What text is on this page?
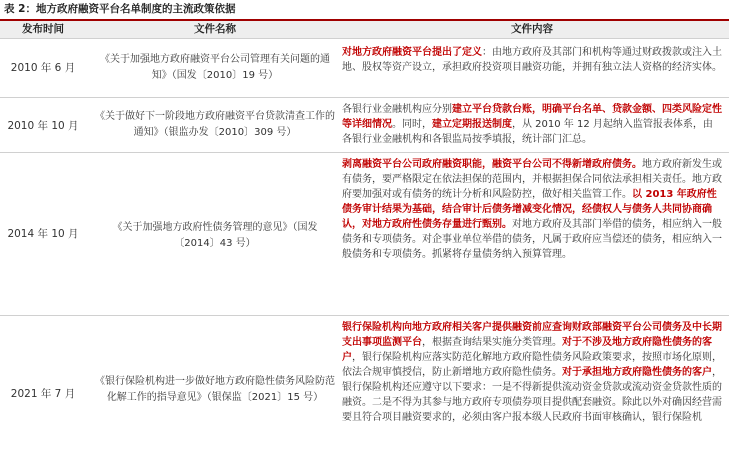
表 2：地方政府融资平台名单制度的主流政策依据
发布时间	文件名称	文件内容
2010 年 6 月
《关于加强地方政府融资平台公司管理有关问题的通知》（国发〔2010〕19 号）
对地方政府融资平台提出了定义：由地方政府及其部门和机构等通过财政拨款或注入土地、股权等资产设立，承担政府投资项目融资功能，并拥有独立法人资格的经济实体。
2010 年 10 月
《关于做好下一阶段地方政府融资平台贷款清查工作的通知》（银监办发〔2010〕309 号）
各银行业金融机构应分别建立平台贷款台账，明确平台名单、贷款金额、四类风险定性等详细情况。同时，建立定期报送制度，从 2010 年 12 月起纳入监管报表体系，由各银行业金融机构和各银监局按季填报，统计部门汇总。
2014 年 10 月
《关于加强地方政府性债务管理的意见》（国发〔2014〕43 号）
剥离融资平台公司政府融资职能，融资平台公司不得新增政府债务。地方政府新发生或有债务，要严格限定在依法担保的范围内，并根据担保合同依法承担相关责任。地方政府要加强对或有债务的统计分析和风险防控，做好相关监管工作。以 2013 年政府性债务审计结果为基础，结合审计后债务增减变化情况，经债权人与债务人共同协商确认，对地方政府性债务存量进行甄别。对地方政府及其部门举借的债务，相应纳入一般债务和专项债务。对企事业单位举借的债务，凡属于政府应当偿还的债务，相应纳入一般债务和专项债务。抓紧将存量债务纳入预算管理。
2021 年 7 月
《银行保险机构进一步做好地方政府隐性债务风险防范化解工作的指导意见》（银保监〔2021〕15 号）
银行保险机构向地方政府相关客户提供融资前应查询财政部融资平台公司债务及中长期支出事项监测平台，根据查询结果实施分类管理。对于不涉及地方政府隐性债务的客户，银行保险机构应落实防范化解地方政府隐性债务风险政策要求，按照市场化原则，依法合规审慎授信，防止新增地方政府隐性债务。对于承担地方政府隐性债务的客户，银行保险机构还应遵守以下要求：一是不得新提供流动资金贷款或流动资金贷款性质的融资。二是不得为其参与地方政府专项债券项目提供配套融资。除此以外对确因经营需要且符合项目融资要求的，必须由客户报本级人民政府书面审核确认，银行保险机
